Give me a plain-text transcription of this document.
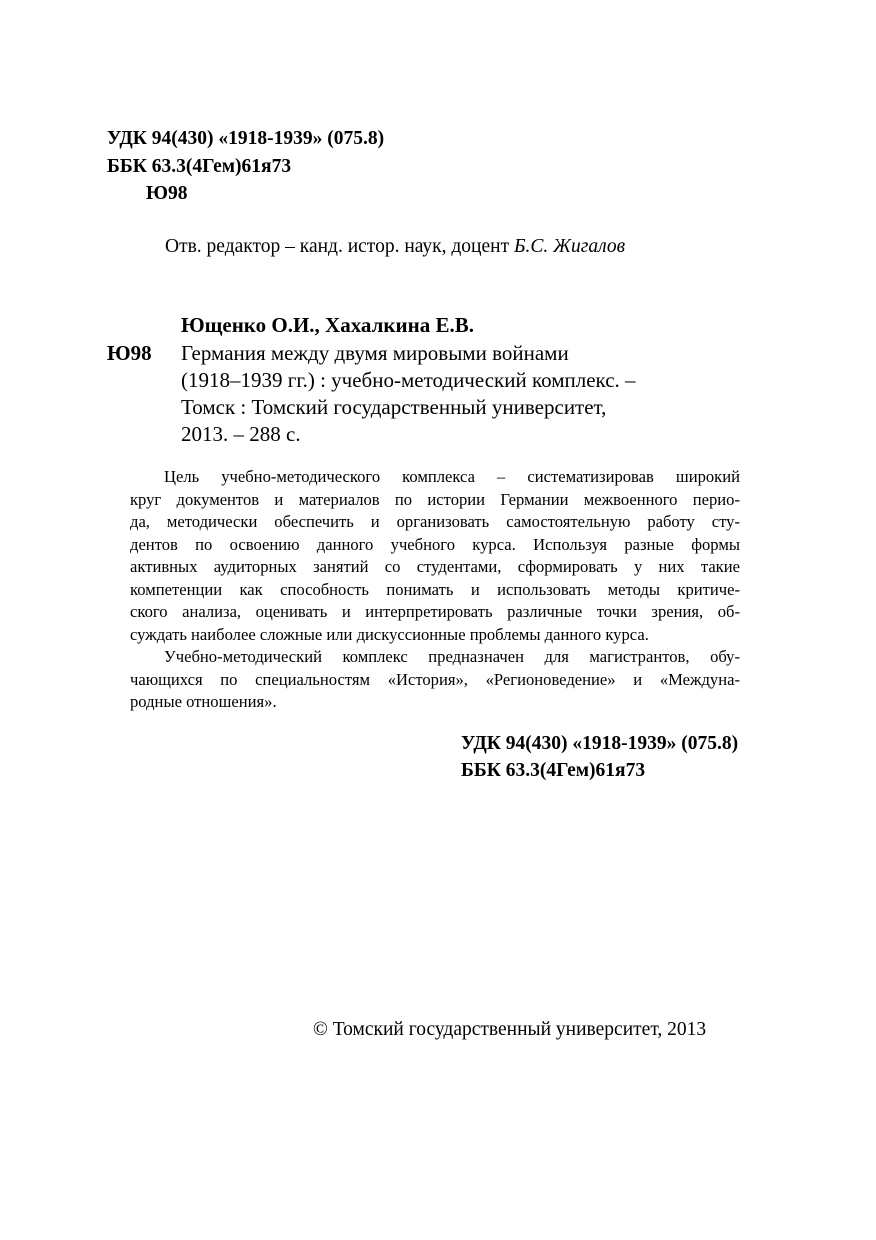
УДК 94(430) «1918-1939» (075.8)
ББК 63.3(4Гем)61я73
Ю98
Отв. редактор – канд. истор. наук, доцент Б.С. Жигалов
Ющенко О.И., Хахалкина Е.В.
Ю98 Германия между двумя мировыми войнами
(1918–1939 гг.) : учебно-методический комплекс. –
Томск : Томский государственный университет,
2013. – 288 с.
Цель учебно-методического комплекса – систематизировав широкий
круг документов и материалов по истории Германии межвоенного перио-
да, методически обеспечить и организовать самостоятельную работу сту-
дентов по освоению данного учебного курса. Используя разные формы
активных аудиторных занятий со студентами, сформировать у них такие
компетенции как способность понимать и использовать методы критиче-
ского анализа, оценивать и интерпретировать различные точки зрения, об-
суждать наиболее сложные или дискуссионные проблемы данного курса.
Учебно-методический комплекс предназначен для магистрантов, обу-
чающихся по специальностям «История», «Регионоведение» и «Междуна-
родные отношения».
УДК 94(430) «1918-1939» (075.8)
ББК 63.3(4Гем)61я73
© Томский государственный университет, 2013
